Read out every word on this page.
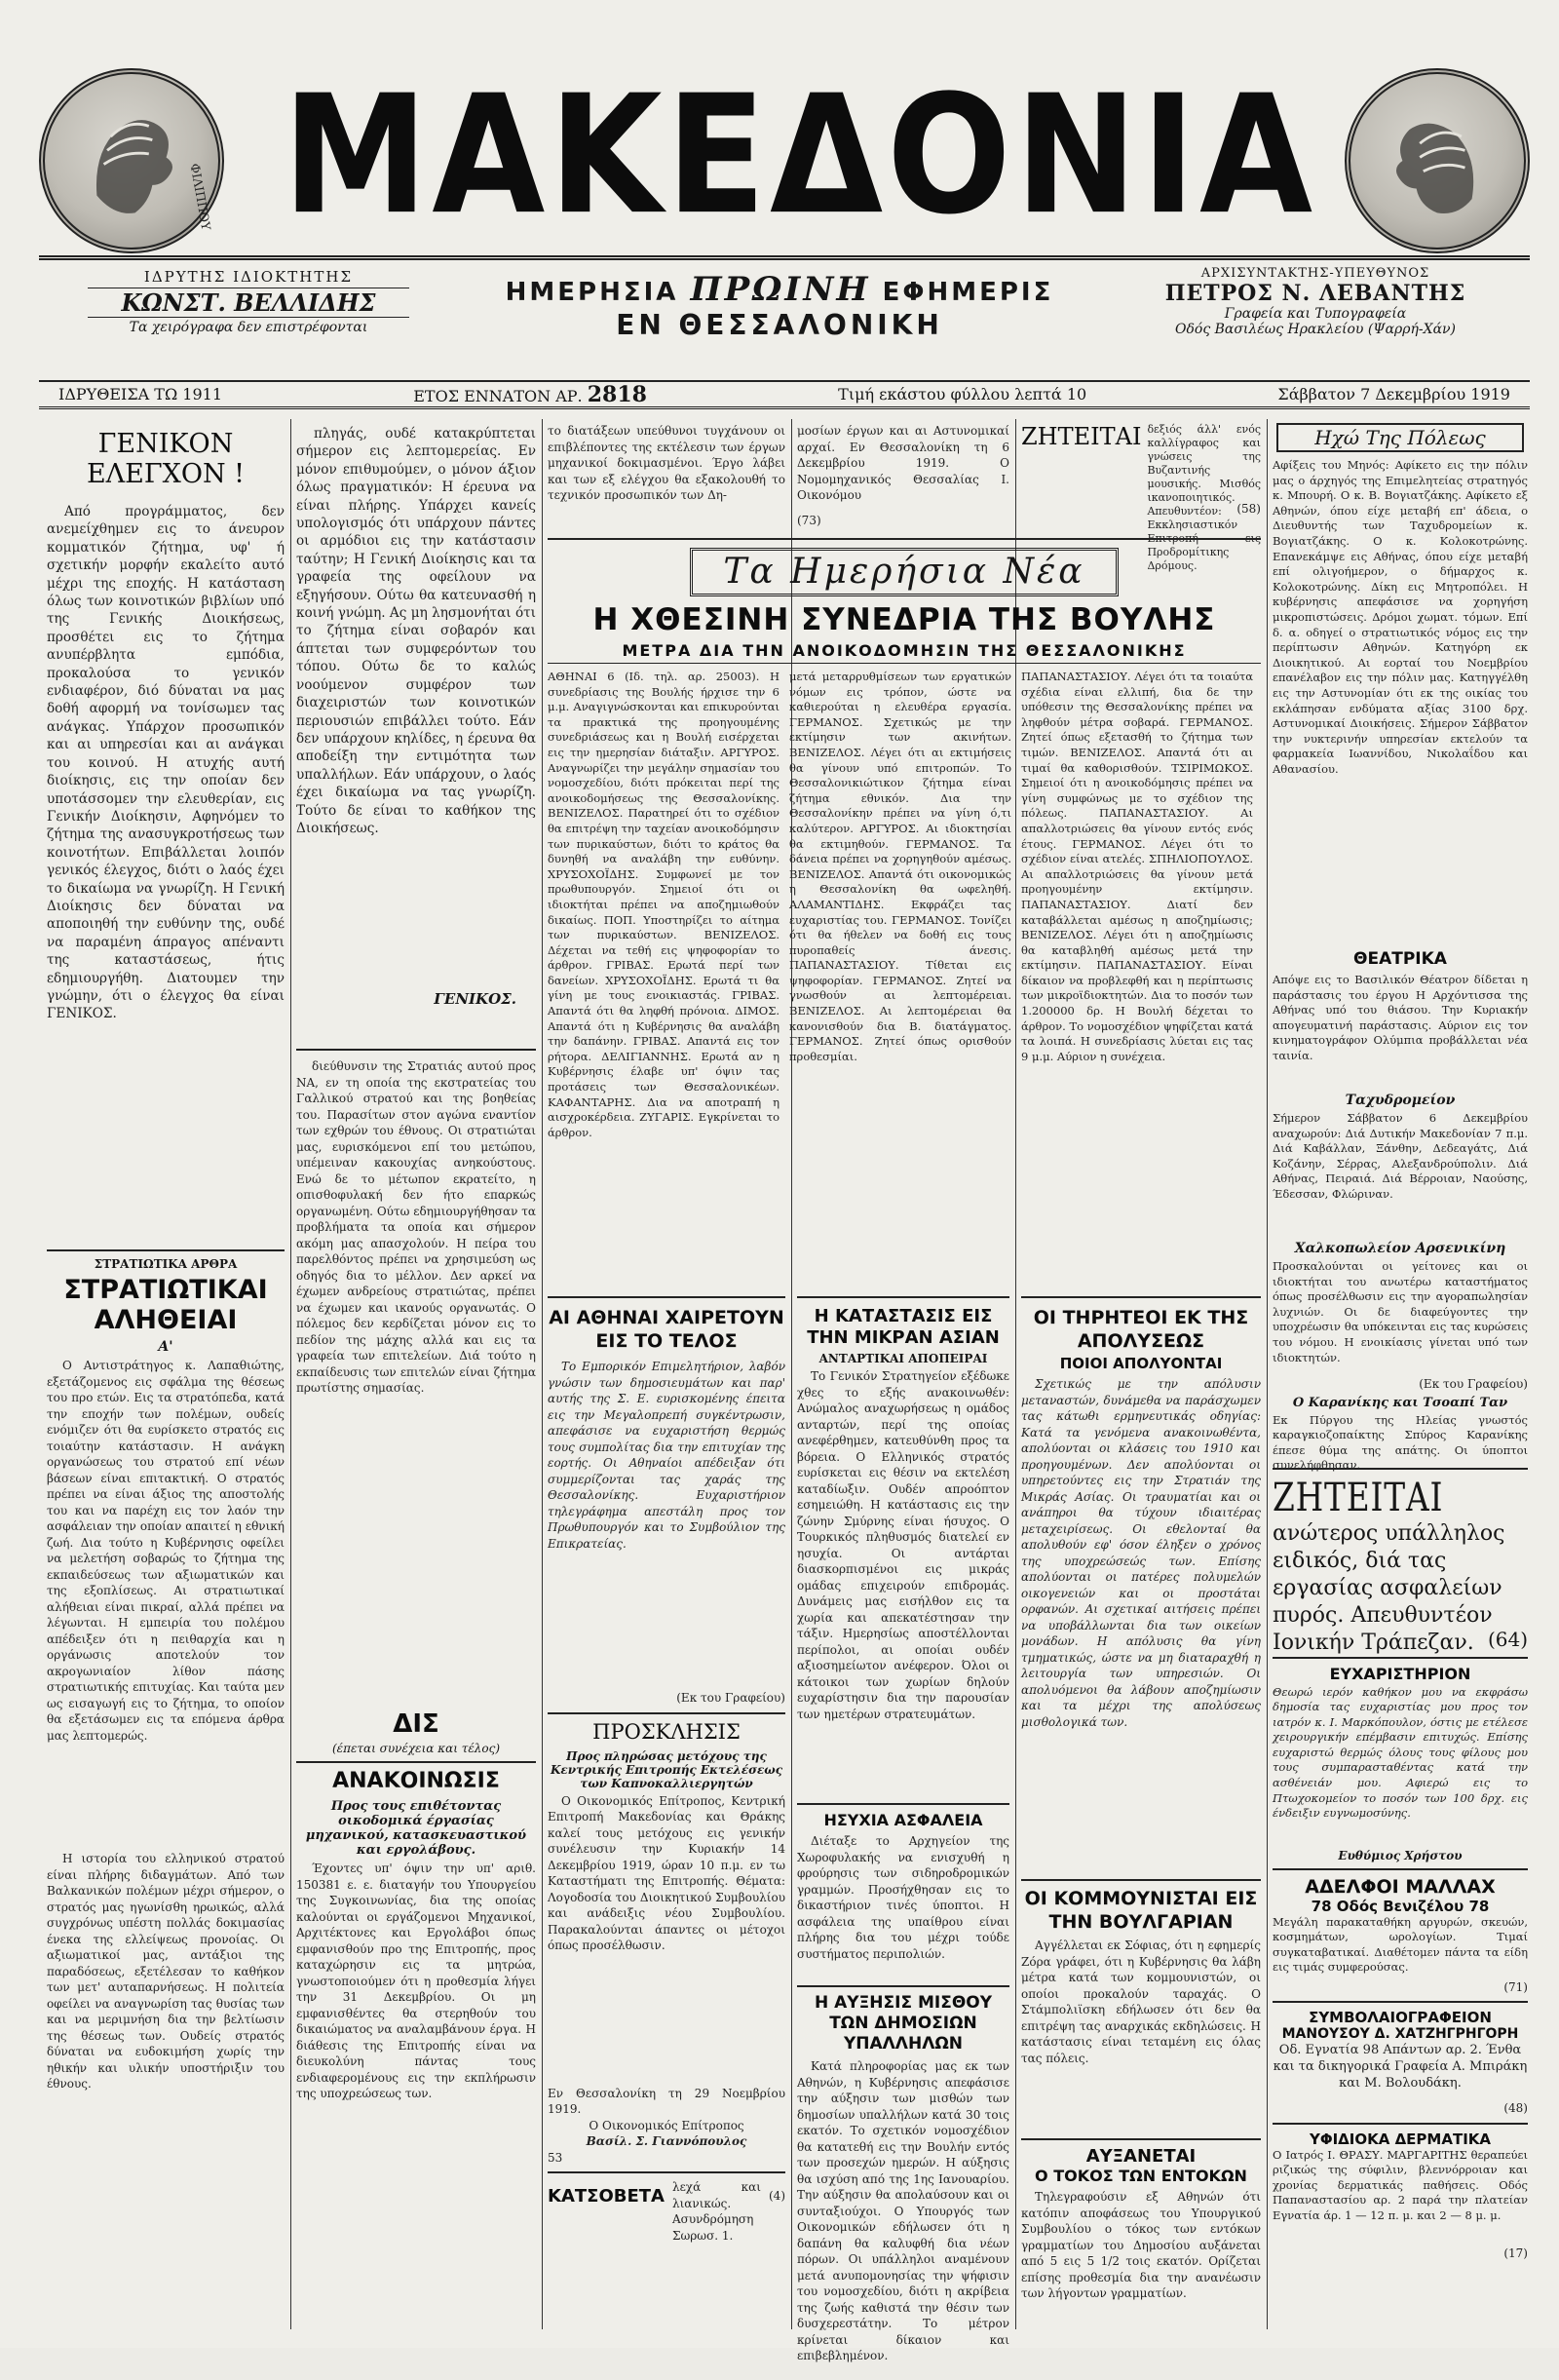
ΦΙΛΙΠΠΟΥ ΜΑΚΕΔΟΝΙΑ
ΙΔΡΥΤΗΣ ΙΔΙΟΚΤΗΤΗΣ
ΚΩΝΣΤ. ΒΕΛΛΙΔΗΣ
Τα χειρόγραφα δεν επιστρέφονται
ΗΜΕΡΗΣΙΑ ΠΡΩΙΝΗ ΕΦΗΜΕΡΙΣ
ΕΝ ΘΕΣΣΑΛΟΝΙΚΗ
ΑΡΧΙΣΥΝΤΑΚΤΗΣ-ΥΠΕΥΘΥΝΟΣ
ΠΕΤΡΟΣ Ν. ΛΕΒΑΝΤΗΣ
Γραφεία και Τυπογραφεία
Οδός Βασιλέως Ηρακλείου (Ψαρρή-Χάν)
ΙΔΡΥΘΕΙΣΑ ΤΩ 1911	ΕΤΟΣ ΕΝΝΑΤΟΝ ΑΡ. 2818	Τιμή εκάστου φύλλου λεπτά 10	Σάββατον 7 Δεκεμβρίου 1919
ΓΕΝΙΚΟΝ ΕΛΕΓΧΟΝ !
Από προγράμματος, δεν ανεμείχθημεν εις το άνευρον κομματικόν ζήτημα, υφ' ή σχετικήν μορφήν εκαλείτο αυτό μέχρι της εποχής. Η κατάσταση όλως των κοινοτικών βιβλίων υπό της Γενικής Διοικήσεως, προσθέτει εις το ζήτημα ανυπέρβλητα εμπόδια, προκαλούσα το γενικόν ενδιαφέρον, διό δύναται να μας δοθή αφορμή να τονίσωμεν τας ανάγκας. Υπάρχον προσωπικόν και αι υπηρεσίαι και αι ανάγκαι του κοινού. Η ατυχής αυτή διοίκησις, εις την οποίαν δεν υποτάσσομεν την ελευθερίαν, εις Γενικήν Διοίκησιν, Αφηνόμεν το ζήτημα της ανασυγκροτήσεως των κοινοτήτων. Επιβάλλεται λοιπόν γενικός έλεγχος, διότι ο λαός έχει το δικαίωμα να γνωρίζη. Η Γενική Διοίκησις δεν δύναται να αποποιηθή την ευθύνην της, ουδέ να παραμένη άπραγος απέναντι της καταστάσεως, ήτις εδημιουργήθη. Διατουμεν την γνώμην, ότι ο έλεγχος θα είναι ΓΕΝΙΚΟΣ.
ΣΤΡΑΤΙΩΤΙΚΑ ΑΡΘΡΑ
ΣΤΡΑΤΙΩΤΙΚΑΙ ΑΛΗΘΕΙΑΙ
Α'
Ο Αντιστράτηγος κ. Λαπαθιώτης, εξετάζομενος εις σφάλμα της θέσεως του προ ετών. Εις τα στρατόπεδα, κατά την εποχήν των πολέμων, ουδείς ενόμιζεν ότι θα ευρίσκετο στρατός εις τοιαύτην κατάστασιν. Η ανάγκη οργανώσεως του στρατού επί νέων βάσεων είναι επιτακτική. Ο στρατός πρέπει να είναι άξιος της αποστολής του και να παρέχη εις τον λαόν την ασφάλειαν την οποίαν απαιτεί η εθνική ζωή. Δια τούτο η Κυβέρνησις οφείλει να μελετήση σοβαρώς το ζήτημα της εκπαιδεύσεως των αξιωματικών και της εξοπλίσεως. Αι στρατιωτικαί αλήθειαι είναι πικραί, αλλά πρέπει να λέγωνται. Η εμπειρία του πολέμου απέδειξεν ότι η πειθαρχία και η οργάνωσις αποτελούν τον ακρογωνιαίον λίθον πάσης στρατιωτικής επιτυχίας. Και ταύτα μεν ως εισαγωγή εις το ζήτημα, το οποίον θα εξετάσωμεν εις τα επόμενα άρθρα μας λεπτομερώς.
Η ιστορία του ελληνικού στρατού είναι πλήρης διδαγμάτων. Από των Βαλκανικών πολέμων μέχρι σήμερον, ο στρατός μας ηγωνίσθη ηρωικώς, αλλά συγχρόνως υπέστη πολλάς δοκιμασίας ένεκα της ελλείψεως προνοίας. Οι αξιωματικοί μας, αντάξιοι της παραδόσεως, εξετέλεσαν το καθήκον των μετ' αυταπαρνήσεως. Η πολιτεία οφείλει να αναγνωρίση τας θυσίας των και να μεριμνήση δια την βελτίωσιν της θέσεως των. Ουδείς στρατός δύναται να ευδοκιμήση χωρίς την ηθικήν και υλικήν υποστήριξιν του έθνους.
πληγάς, ουδέ κατακρύπτεται σήμερον εις λεπτομερείας. Εν μόνον επιθυμούμεν, ο μόνον άξιον όλως πραγματικόν: Η έρευνα να είναι πλήρης. Υπάρχει κανείς υπολογισμός ότι υπάρχουν πάντες οι αρμόδιοι εις την κατάστασιν ταύτην; Η Γενική Διοίκησις και τα γραφεία της οφείλουν να εξηγήσουν. Ούτω θα κατευνασθή η κοινή γνώμη. Ας μη λησμονήται ότι το ζήτημα είναι σοβαρόν και άπτεται των συμφερόντων του τόπου. Ούτω δε το καλώς νοούμενον συμφέρον των διαχειριστών των κοινοτικών περιουσιών επιβάλλει τούτο. Εάν δεν υπάρχουν κηλίδες, η έρευνα θα αποδείξη την εντιμότητα των υπαλλήλων. Εάν υπάρχουν, ο λαός έχει δικαίωμα να τας γνωρίζη. Τούτο δε είναι το καθήκον της Διοικήσεως.
ΓΕΝΙΚΟΣ.
διεύθυνσιν της Στρατιάς αυτού προς ΝΑ, εν τη οποία της εκστρατείας του Γαλλικού στρατού και της βοηθείας του. Παρασίτων στον αγώνα εναντίον των εχθρών του έθνους. Οι στρατιώται μας, ευρισκόμενοι επί του μετώπου, υπέμειναν κακουχίας ανηκούστους. Ενώ δε το μέτωπον εκρατείτο, η οπισθοφυλακή δεν ήτο επαρκώς οργανωμένη. Ούτω εδημιουργήθησαν τα προβλήματα τα οποία και σήμερον ακόμη μας απασχολούν. Η πείρα του παρελθόντος πρέπει να χρησιμεύση ως οδηγός δια το μέλλον. Δεν αρκεί να έχωμεν ανδρείους στρατιώτας, πρέπει να έχωμεν και ικανούς οργανωτάς. Ο πόλεμος δεν κερδίζεται μόνον εις το πεδίον της μάχης αλλά και εις τα γραφεία των επιτελείων. Διά τούτο η εκπαίδευσις των επιτελών είναι ζήτημα πρωτίστης σημασίας.
ΔΙΣ
(έπεται συνέχεια και τέλος)
ΑΝΑΚΟΙΝΩΣΙΣ
Προς τους επιθέτοντας οικοδομικά έργασίας μηχανικού, κατασκευαστικού και εργολάβους.
Έχοντες υπ' όψιν την υπ' αριθ. 150381 ε. ε. διαταγήν του Υπουργείου της Συγκοινωνίας, δια της οποίας καλούνται οι εργάζομενοι Μηχανικοί, Αρχιτέκτονες και Εργολάβοι όπως εμφανισθούν προ της Επιτροπής, προς καταχώρησιν εις τα μητρώα, γνωστοποιούμεν ότι η προθεσμία λήγει την 31 Δεκεμβρίου. Οι μη εμφανισθέντες θα στερηθούν του δικαιώματος να αναλαμβάνουν έργα. Η διάθεσις της Επιτροπής είναι να διευκολύνη πάντας τους ενδιαφερομένους εις την εκπλήρωσιν της υποχρεώσεως των.
το διατάξεων υπεύθυνοι τυγχάνουν οι επιβλέποντες της εκτέλεσιν των έργων μηχανικοί δοκιμασμένοι. Έργο λάβει και των εξ ελέγχου θα εξακολουθή το τεχνικόν προσωπικόν των Δη-
μοσίων έργων και αι Αστυνομικαί αρχαί. Εν Θεσσαλονίκη τη 6 Δεκεμβρίου 1919. Ο Νομομηχανικός Θεσσαλίας Ι. Οικονόμου
(73)
ΖΗΤΕΙΤΑΙ δεξιός άλλ' ενός καλλίγραφος και γνώσεις της Βυζαντινής μουσικής. Μισθός ικανοποιητικός. Απευθυντέον: Εκκλησιαστικόν Επιτροπή εις Προδρομίτικης Δρόμους.
(58)
Τα Ημερήσια Νέα
Η ΧΘΕΣΙΝΗ ΣΥΝΕΔΡΙΑ ΤΗΣ ΒΟΥΛΗΣ
ΜΕΤΡΑ ΔΙΑ ΤΗΝ ΑΝΟΙΚΟΔΟΜΗΣΙΝ ΤΗΣ ΘΕΣΣΑΛΟΝΙΚΗΣ
ΑΘΗΝΑΙ 6 (Ιδ. τηλ. αρ. 25003). Η συνεδρίασις της Βουλής ήρχισε την 6 μ.μ. Αναγιγνώσκονται και επικυρούνται τα πρακτικά της προηγουμένης συνεδριάσεως και η Βουλή εισέρχεται εις την ημερησίαν διάταξιν. ΑΡΓΥΡΟΣ. Αναγνωρίζει την μεγάλην σημασίαν του νομοσχεδίου, διότι πρόκειται περί της ανοικοδομήσεως της Θεσσαλονίκης. ΒΕΝΙΖΕΛΟΣ. Παρατηρεί ότι το σχέδιον θα επιτρέψη την ταχείαν ανοικοδόμησιν των πυρικαύστων, διότι το κράτος θα δυνηθή να αναλάβη την ευθύνην. ΧΡΥΣΟΧΟΪΔΗΣ. Συμφωνεί με τον πρωθυπουργόν. Σημειοί ότι οι ιδιοκτήται πρέπει να αποζημιωθούν δικαίως. ΠΟΠ. Υποστηρίζει το αίτημα των πυρικαύστων. ΒΕΝΙΖΕΛΟΣ. Δέχεται να τεθή εις ψηφοφορίαν το άρθρον. ΓΡΙΒΑΣ. Ερωτά περί των δανείων. ΧΡΥΣΟΧΟΪΔΗΣ. Ερωτά τι θα γίνη με τους ενοικιαστάς. ΓΡΙΒΑΣ. Απαντά ότι θα ληφθή πρόνοια. ΔΙΜΟΣ. Απαντά ότι η Κυβέρνησις θα αναλάβη την δαπάνην. ΓΡΙΒΑΣ. Απαντά εις τον ρήτορα. ΔΕΛΙΓΙΑΝΝΗΣ. Ερωτά αν η Κυβέρνησις έλαβε υπ' όψιν τας προτάσεις των Θεσσαλονικέων. ΚΑΦΑΝΤΑΡΗΣ. Δια να αποτραπή η αισχροκέρδεια. ΖΥΓΑΡΙΣ. Εγκρίνεται το άρθρον.
μετά μεταρρυθμίσεων των εργατικών νόμων εις τρόπον, ώστε να καθιερούται η ελευθέρα εργασία. ΓΕΡΜΑΝΟΣ. Σχετικώς με την εκτίμησιν των ακινήτων. ΒΕΝΙΖΕΛΟΣ. Λέγει ότι αι εκτιμήσεις θα γίνουν υπό επιτροπών. Το Θεσσαλονικιώτικον ζήτημα είναι ζήτημα εθνικόν. Δια την Θεσσαλονίκην πρέπει να γίνη ό,τι καλύτερον. ΑΡΓΥΡΟΣ. Αι ιδιοκτησίαι θα εκτιμηθούν. ΓΕΡΜΑΝΟΣ. Τα δάνεια πρέπει να χορηγηθούν αμέσως. ΒΕΝΙΖΕΛΟΣ. Απαντά ότι οικονομικώς η Θεσσαλονίκη θα ωφεληθή. ΑΛΑΜΑΝΤΙΔΗΣ. Εκφράζει τας ευχαριστίας του. ΓΕΡΜΑΝΟΣ. Τονίζει ότι θα ήθελεν να δοθή εις τους πυροπαθείς άνεσις. ΠΑΠΑΝΑΣΤΑΣΙΟΥ. Τίθεται εις ψηφοφορίαν. ΓΕΡΜΑΝΟΣ. Ζητεί να γνωσθούν αι λεπτομέρειαι. ΒΕΝΙΖΕΛΟΣ. Αι λεπτομέρειαι θα κανονισθούν δια Β. διατάγματος. ΓΕΡΜΑΝΟΣ. Ζητεί όπως ορισθούν προθεσμίαι.
ΠΑΠΑΝΑΣΤΑΣΙΟΥ. Λέγει ότι τα τοιαύτα σχέδια είναι ελλιπή, δια δε την υπόθεσιν της Θεσσαλονίκης πρέπει να ληφθούν μέτρα σοβαρά. ΓΕΡΜΑΝΟΣ. Ζητεί όπως εξετασθή το ζήτημα των τιμών. ΒΕΝΙΖΕΛΟΣ. Απαντά ότι αι τιμαί θα καθορισθούν. ΤΣΙΡΙΜΩΚΟΣ. Σημειοί ότι η ανοικοδόμησις πρέπει να γίνη συμφώνως με το σχέδιον της πόλεως. ΠΑΠΑΝΑΣΤΑΣΙΟΥ. Αι απαλλοτριώσεις θα γίνουν εντός ενός έτους. ΓΕΡΜΑΝΟΣ. Λέγει ότι το σχέδιον είναι ατελές. ΣΠΗΛΙΟΠΟΥΛΟΣ. Αι απαλλοτριώσεις θα γίνουν μετά προηγουμένην εκτίμησιν. ΠΑΠΑΝΑΣΤΑΣΙΟΥ. Διατί δεν καταβάλλεται αμέσως η αποζημίωσις; ΒΕΝΙΖΕΛΟΣ. Λέγει ότι η αποζημίωσις θα καταβληθή αμέσως μετά την εκτίμησιν. ΠΑΠΑΝΑΣΤΑΣΙΟΥ. Είναι δίκαιον να προβλεφθή και η περίπτωσις των μικροϊδιοκτητών. Δια το ποσόν των 1.200000 δρ. Η Βουλή δέχεται το άρθρον. Το νομοσχέδιον ψηφίζεται κατά τα λοιπά. Η συνεδρίασις λύεται εις τας 9 μ.μ. Αύριον η συνέχεια.
ΑΙ ΑΘΗΝΑΙ ΧΑΙΡΕΤΟΥΝ ΕΙΣ ΤΟ ΤΕΛΟΣ
Το Εμπορικόν Επιμελητήριον, λαβόν γνώσιν των δημοσιευμάτων και παρ' αυτής της Σ. Ε. ευρισκομένης έπειτα εις την Μεγαλοπρεπή συγκέντρωσιν, απεφάσισε να ευχαριστήση θερμώς τους συμπολίτας δια την επιτυχίαν της εορτής. Οι Αθηναίοι απέδειξαν ότι συμμερίζονται τας χαράς της Θεσσαλονίκης. Ευχαριστήριον τηλεγράφημα απεστάλη προς τον Πρωθυπουργόν και το Συμβούλιον της Επικρατείας.
(Εκ του Γραφείου)
ΠΡΟΣΚΛΗΣΙΣ
Προς πληρώσας μετόχους της Κεντρικής Επιτροπής Εκτελέσεως των Καπνοκαλλιεργητών
Ο Οικονομικός Επίτροπος, Κεντρική Επιτροπή Μακεδονίας και Θράκης καλεί τους μετόχους εις γενικήν συνέλευσιν την Κυριακήν 14 Δεκεμβρίου 1919, ώραν 10 π.μ. εν τω Καταστήματι της Επιτροπής. Θέματα: Λογοδοσία του Διοικητικού Συμβουλίου και ανάδειξις νέου Συμβουλίου. Παρακαλούνται άπαντες οι μέτοχοι όπως προσέλθωσιν.
Εν Θεσσαλονίκη τη 29 Νοεμβρίου 1919.
Ο Οικονομικός Επίτροπος
Βασίλ. Σ. Γιαννόπουλος
53
ΚΑΤΣΟΒΕΤΑ λεχά και λιανικώς. Ασυνδρόμηση Σωρωσ. 1.
(4)
Η ΚΑΤΑΣΤΑΣΙΣ ΕΙΣ ΤΗΝ ΜΙΚΡΑΝ ΑΣΙΑΝ
ΑΝΤΑΡΤΙΚΑΙ ΑΠΟΠΕΙΡΑΙ
Το Γενικόν Στρατηγείον εξέδωκε χθες το εξής ανακοινωθέν: Ανώμαλος αναχωρήσεως η ομάδος ανταρτών, περί της οποίας ανεφέρθημεν, κατευθύνθη προς τα βόρεια. Ο Ελληνικός στρατός ευρίσκεται εις θέσιν να εκτελέση καταδίωξιν. Ουδέν απροόπτον εσημειώθη. Η κατάστασις εις την ζώνην Σμύρνης είναι ήσυχος. Ο Τουρκικός πληθυσμός διατελεί εν ησυχία. Οι αντάρται διασκορπισμένοι εις μικράς ομάδας επιχειρούν επιδρομάς. Δυνάμεις μας εισήλθον εις τα χωρία και απεκατέστησαν την τάξιν. Ημερησίως αποστέλλονται περίπολοι, αι οποίαι ουδέν αξιοσημείωτον ανέφερον. Όλοι οι κάτοικοι των χωρίων δηλούν ευχαρίστησιν δια την παρουσίαν των ημετέρων στρατευμάτων.
ΗΣΥΧΙΑ ΑΣΦΑΛΕΙΑ
Διέταξε το Αρχηγείον της Χωροφυλακής να ενισχυθή η φρούρησις των σιδηροδρομικών γραμμών. Προσήχθησαν εις το δικαστήριον τινές ύποπτοι. Η ασφάλεια της υπαίθρου είναι πλήρης δια του μέχρι τούδε συστήματος περιπολιών.
Η ΑΥΞΗΣΙΣ ΜΙΣΘΟΥ ΤΩΝ ΔΗΜΟΣΙΩΝ ΥΠΑΛΛΗΛΩΝ
Κατά πληροφορίας μας εκ των Αθηνών, η Κυβέρνησις απεφάσισε την αύξησιν των μισθών των δημοσίων υπαλλήλων κατά 30 τοις εκατόν. Το σχετικόν νομοσχέδιον θα κατατεθή εις την Βουλήν εντός των προσεχών ημερών. Η αύξησις θα ισχύση από της 1ης Ιανουαρίου. Την αύξησιν θα απολαύσουν και οι συνταξιούχοι. Ο Υπουργός των Οικονομικών εδήλωσεν ότι η δαπάνη θα καλυφθή δια νέων πόρων. Οι υπάλληλοι αναμένουν μετά ανυπομονησίας την ψήφισιν του νομοσχεδίου, διότι η ακρίβεια της ζωής καθιστά την θέσιν των δυσχερεστάτην. Το μέτρον κρίνεται δίκαιον και επιβεβλημένον.
ΟΙ ΤΗΡΗΤΕΟΙ ΕΚ ΤΗΣ ΑΠΟΛΥΣΕΩΣ
ΠΟΙΟΙ ΑΠΟΛΥΟΝΤΑΙ
Σχετικώς με την απόλυσιν μεταναστών, δυνάμεθα να παράσχωμεν τας κάτωθι ερμηνευτικάς οδηγίας: Κατά τα γενόμενα ανακοινωθέντα, απολύονται οι κλάσεις του 1910 και προηγουμένων. Δεν απολύονται οι υπηρετούντες εις την Στρατιάν της Μικράς Ασίας. Οι τραυματίαι και οι ανάπηροι θα τύχουν ιδιαιτέρας μεταχειρίσεως. Οι εθελονταί θα απολυθούν εφ' όσον έληξεν ο χρόνος της υποχρεώσεώς των. Επίσης απολύονται οι πατέρες πολυμελών οικογενειών και οι προστάται ορφανών. Αι σχετικαί αιτήσεις πρέπει να υποβάλλωνται δια των οικείων μονάδων. Η απόλυσις θα γίνη τμηματικώς, ώστε να μη διαταραχθή η λειτουργία των υπηρεσιών. Οι απολυόμενοι θα λάβουν αποζημίωσιν και τα μέχρι της απολύσεως μισθολογικά των.
ΟΙ ΚΟΜΜΟΥΝΙΣΤΑΙ ΕΙΣ ΤΗΝ ΒΟΥΛΓΑΡΙΑΝ
Αγγέλλεται εκ Σόφιας, ότι η εφημερίς Ζόρα γράφει, ότι η Κυβέρνησις θα λάβη μέτρα κατά των κομμουνιστών, οι οποίοι προκαλούν ταραχάς. Ο Στάμπολιϊσκη εδήλωσεν ότι δεν θα επιτρέψη τας αναρχικάς εκδηλώσεις. Η κατάστασις είναι τεταμένη εις όλας τας πόλεις.
ΑΥΞΑΝΕΤΑΙ
Ο ΤΟΚΟΣ ΤΩΝ ΕΝΤΟΚΩΝ
Τηλεγραφούσιν εξ Αθηνών ότι κατόπιν αποφάσεως του Υπουργικού Συμβουλίου ο τόκος των εντόκων γραμματίων του Δημοσίου αυξάνεται από 5 εις 5 1/2 τοις εκατόν. Ορίζεται επίσης προθεσμία δια την ανανέωσιν των λήγοντων γραμματίων.
Ηχώ Της Πόλεως
Αφίξεις του Μηνός: Αφίκετο εις την πόλιν μας ο άρχηγός της Επιμελητείας στρατηγός κ. Μπουρή. Ο κ. Β. Βογιατζάκης. Αφίκετο εξ Αθηνών, όπου είχε μεταβή επ' άδεια, ο Διευθυντής των Ταχυδρομείων κ. Βογιατζάκης. Ο κ. Κολοκοτρώνης. Επανεκάμψε εις Αθήνας, όπου είχε μεταβή επί ολιγοήμερον, ο δήμαρχος κ. Κολοκοτρώνης. Δίκη εις Μητροπόλει. Η κυβέρνησις απεφάσισε να χορηγήση μικροπιστώσεις. Δρόμοι χωματ. τόμων. Επί δ. α. οδηγεί ο στρατιωτικός νόμος εις την περίπτωσιν Αθηνών. Κατηγόρη εκ Διοικητικού. Αι εορταί του Νοεμβρίου επανέλαβον εις την πόλιν μας. Κατηγγέλθη εις την Αστυνομίαν ότι εκ της οικίας του εκλάπησαν ενδύματα αξίας 3100 δρχ. Αστυνομικαί Διοικήσεις. Σήμερον Σάββατον την νυκτερινήν υπηρεσίαν εκτελούν τα φαρμακεία Ιωαννίδου, Νικολαΐδου και Αθανασίου.
ΘΕΑΤΡΙΚΑ
Απόψε εις το Βασιλικόν Θέατρον δίδεται η παράστασις του έργου Η Αρχόντισσα της Αθήνας υπό του θιάσου. Την Κυριακήν απογευματινή παράστασις. Αύριον εις τον κινηματογράφον Ολύμπια προβάλλεται νέα ταινία.
Ταχυδρομείον
Σήμερον Σάββατον 6 Δεκεμβρίου αναχωρούν: Διά Δυτικήν Μακεδονίαν 7 π.μ. Διά Καβάλλαν, Ξάνθην, Δεδεαγάτς, Διά Κοζάνην, Σέρρας, Αλεξανδρούπολιν. Διά Αθήνας, Πειραιά. Διά Βέρροιαν, Ναούσης, Έδεσσαν, Φλώριναν.
Χαλκοπωλείον Αρσενικίνη
Προσκαλούνται οι γείτονες και οι ιδιοκτήται του ανωτέρω καταστήματος όπως προσέλθωσιν εις την αγοραπωλησίαν λυχνιών. Οι δε διαφεύγοντες την υποχρέωσιν θα υπόκεινται εις τας κυρώσεις του νόμου. Η ενοικίασις γίνεται υπό των ιδιοκτητών.
(Εκ του Γραφείου)
Ο Καρανίκης και Τσοαπί Ταν
Εκ Πύργου της Ηλείας γνωστός καραγκιοζοπαίκτης Σπύρος Καρανίκης έπεσε θύμα της απάτης. Οι ύποπτοι συνελήφθησαν.
ΖΗΤΕΙΤΑΙ
ανώτερος υπάλληλος ειδικός, διά τας εργασίας ασφαλείων πυρός. Απευθυντέον Ιονικήν Τράπεζαν. (64)
ΕΥΧΑΡΙΣΤΗΡΙΟΝ
Θεωρώ ιερόν καθήκον μου να εκφράσω δημοσία τας ευχαριστίας μου προς τον ιατρόν κ. Ι. Μαρκόπουλον, όστις με ετέλεσε χειρουργικήν επέμβασιν επιτυχώς. Επίσης ευχαριστώ θερμώς όλους τους φίλους μου τους συμπαρασταθέντας κατά την ασθένειάν μου. Αφιερώ εις το Πτωχοκομείον το ποσόν των 100 δρχ. εις ένδειξιν ευγνωμοσύνης.
Ευθύμιος Χρήστου
ΑΔΕΛΦΟΙ ΜΑΛΛΑΧ
78 Οδός Βενιζέλου 78
Μεγάλη παρακαταθήκη αργυρών, σκευών, κοσμημάτων, ωρολογίων. Τιμαί συγκαταβατικαί. Διαθέτομεν πάντα τα είδη εις τιμάς συμφερούσας.
(71)
ΣΥΜΒΟΛΑΙΟΓΡΑΦΕΙΟΝ
ΜΑΝΟΥΣΟΥ Δ. ΧΑΤΖΗΓΡΗΓΟΡΗ
Οδ. Εγνατία 98 Απάντων αρ. 2. Ένθα και τα δικηγορικά Γραφεία Α. Μπιράκη και Μ. Βολουδάκη.
(48)
ΥΦΙΔΙΟΚΑ ΔΕΡΜΑΤΙΚΑ
Ο Ιατρός Ι. ΘΡΑΣΥ. ΜΑΡΓΑΡΙΤΗΣ θεραπεύει ριζικώς της σύφιλιν, βλεννόρροιαν και χρονίας δερματικάς παθήσεις. Οδός Παπαναστασίου αρ. 2 παρά την πλατείαν Εγνατία άρ. 1 — 12 π. μ. και 2 — 8 μ. μ.
(17)
